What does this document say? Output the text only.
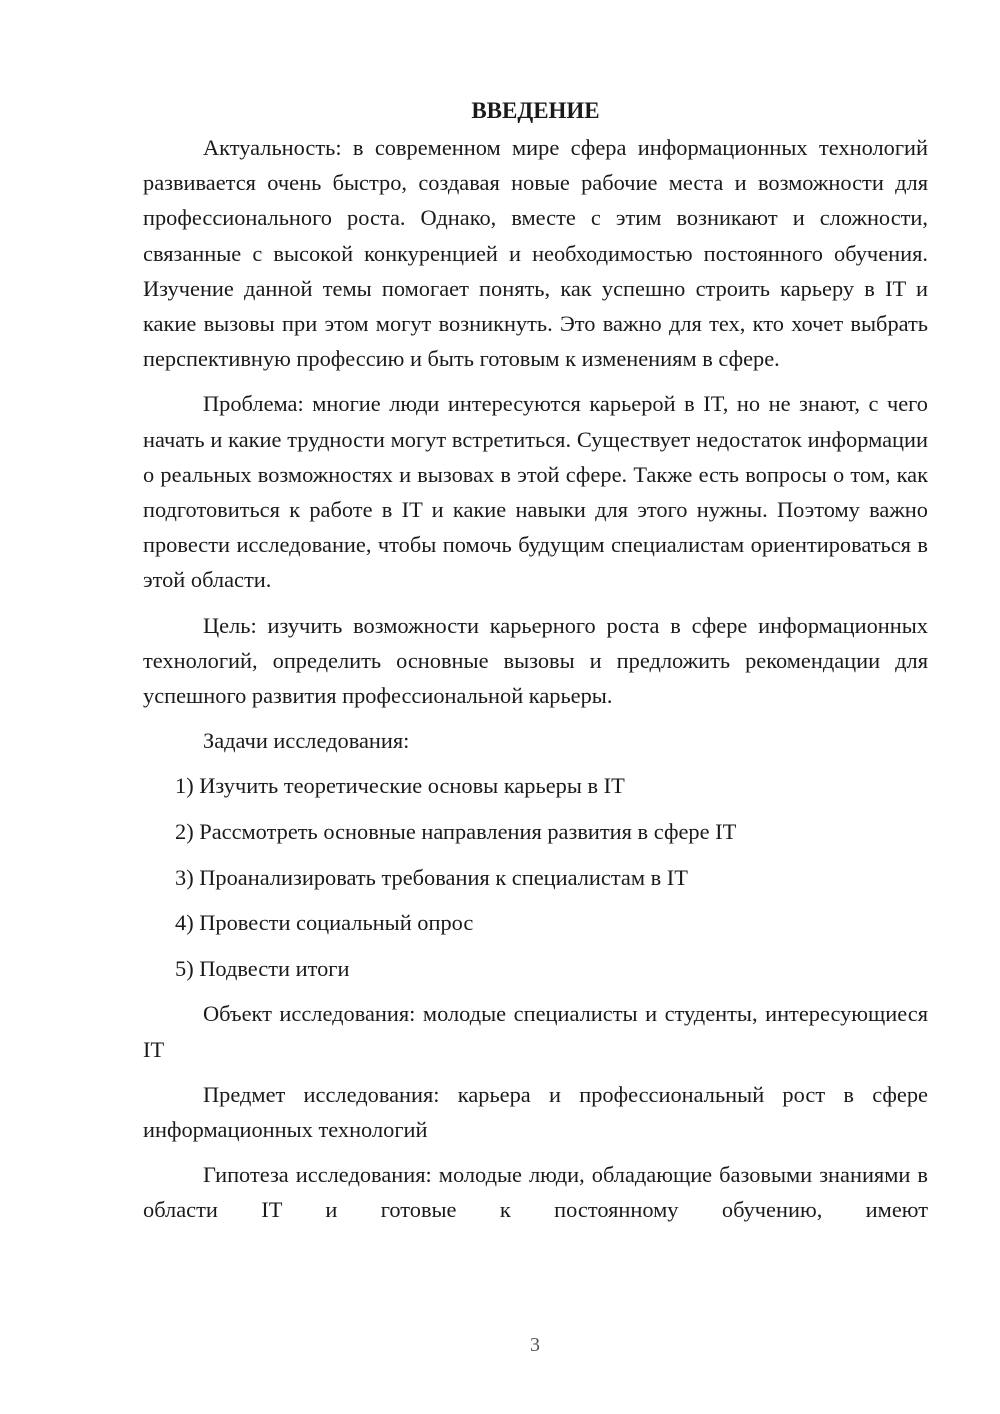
ВВЕДЕНИЕ

Актуальность: в современном мире сфера информационных технологий развивается очень быстро, создавая новые рабочие места и возможности для профессионального роста. Однако, вместе с этим возникают и сложности, связанные с высокой конкуренцией и необходимостью постоянного обучения. Изучение данной темы помогает понять, как успешно строить карьеру в IT и какие вызовы при этом могут возникнуть. Это важно для тех, кто хочет выбрать перспективную профессию и быть готовым к изменениям в сфере.

Проблема: многие люди интересуются карьерой в IT, но не знают, с чего начать и какие трудности могут встретиться. Существует недостаток информации о реальных возможностях и вызовах в этой сфере. Также есть вопросы о том, как подготовиться к работе в IT и какие навыки для этого нужны. Поэтому важно провести исследование, чтобы помочь будущим специалистам ориентироваться в этой области.

Цель: изучить возможности карьерного роста в сфере информационных технологий, определить основные вызовы и предложить рекомендации для успешного развития профессиональной карьеры.

Задачи исследования:

1) Изучить теоретические основы карьеры в IT
2) Рассмотреть основные направления развития в сфере IT
3) Проанализировать требования к специалистам в IT
4) Провести социальный опрос
5) Подвести итоги

Объект исследования: молодые специалисты и студенты, интересующиеся IT

Предмет исследования: карьера и профессиональный рост в сфере информационных технологий

Гипотеза исследования: молодые люди, обладающие базовыми знаниями в области IT и готовые к постоянному обучению, имеют

3
